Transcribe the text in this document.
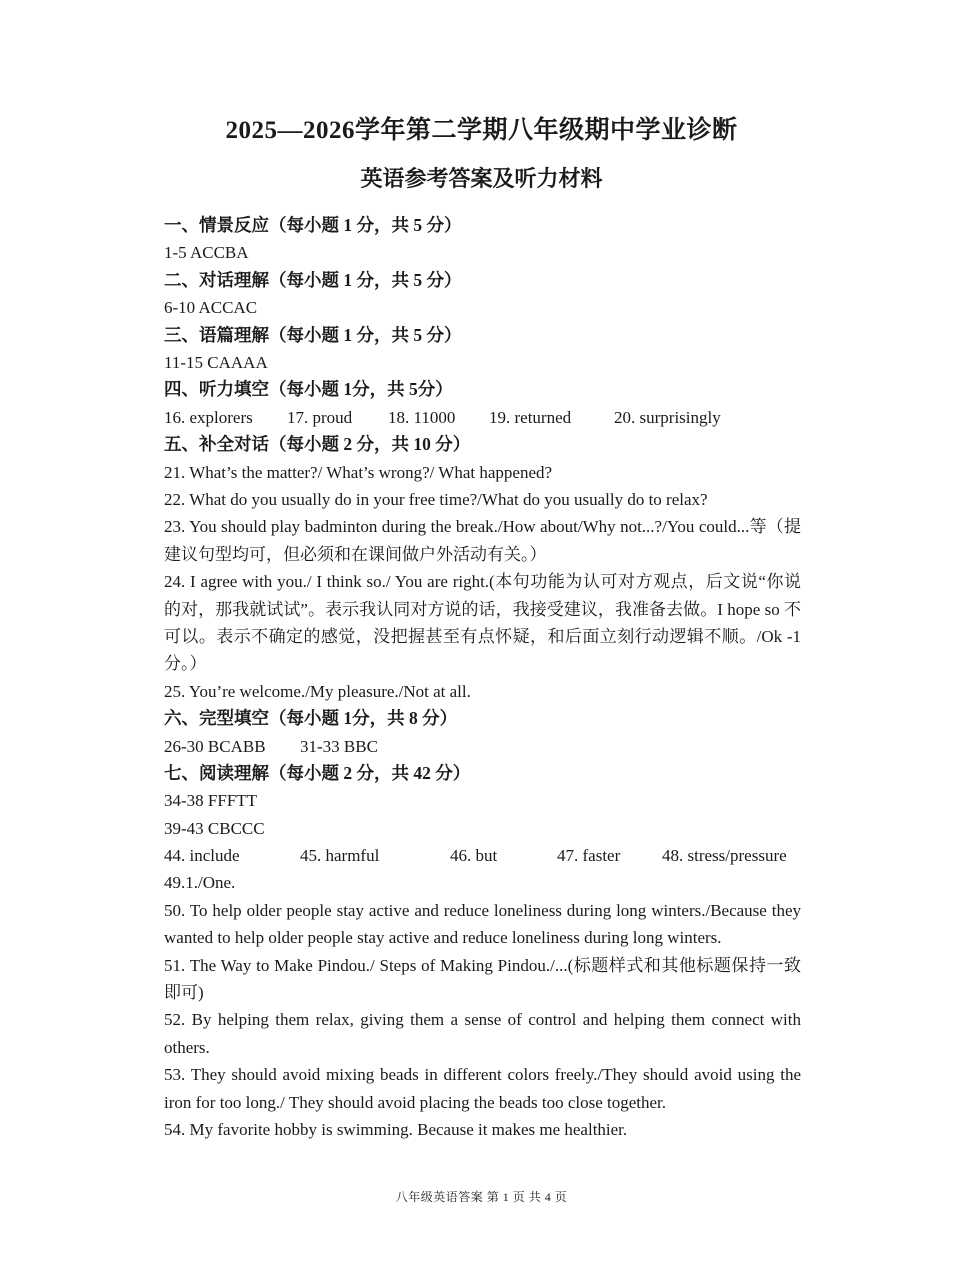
2025—2026学年第二学期八年级期中学业诊断
英语参考答案及听力材料
一、情景反应（每小题 1 分，共 5 分）
1-5 ACCBA
二、对话理解（每小题 1 分，共 5 分）
6-10 ACCAC
三、语篇理解（每小题 1 分，共 5 分）
11-15 CAAAA
四、听力填空（每小题 1分，共 5分）
16. explorers	17. proud	18. 11000	19. returned	20. surprisingly
五、补全对话（每小题 2 分，共 10 分）
21. What’s the matter?/ What’s wrong?/ What happened?
22. What do you usually do in your free time?/What do you usually do to relax?
23. You should play badminton during the break./How about/Why not...?/You could...等（提建议句型均可，但必须和在课间做户外活动有关。）
24. I agree with you./ I think so./ You are right.(本句功能为认可对方观点，后文说“你说的对，那我就试试”。表示我认同对方说的话，我接受建议，我准备去做。I hope so 不可以。表示不确定的感觉，没把握甚至有点怀疑，和后面立刻行动逻辑不顺。/Ok -1 分。）
25. You’re welcome./My pleasure./Not at all.
六、完型填空（每小题 1分，共 8 分）
26-30 BCABB	31-33 BBC
七、阅读理解（每小题 2 分，共 42 分）
34-38 FFFTT
39-43 CBCCC
44. include	45. harmful	46. but	47. faster	48. stress/pressure
49.1./One.
50. To help older people stay active and reduce loneliness during long winters./Because they wanted to help older people stay active and reduce loneliness during long winters.
51. The Way to Make Pindou./ Steps of Making Pindou./...(标题样式和其他标题保持一致即可)
52. By helping them relax, giving them a sense of control and helping them connect with others.
53. They should avoid mixing beads in different colors freely./They should avoid using the iron for too long./ They should avoid placing the beads too close together.
54. My favorite hobby is swimming. Because it makes me healthier.
八年级英语答案 第 1 页 共 4 页
